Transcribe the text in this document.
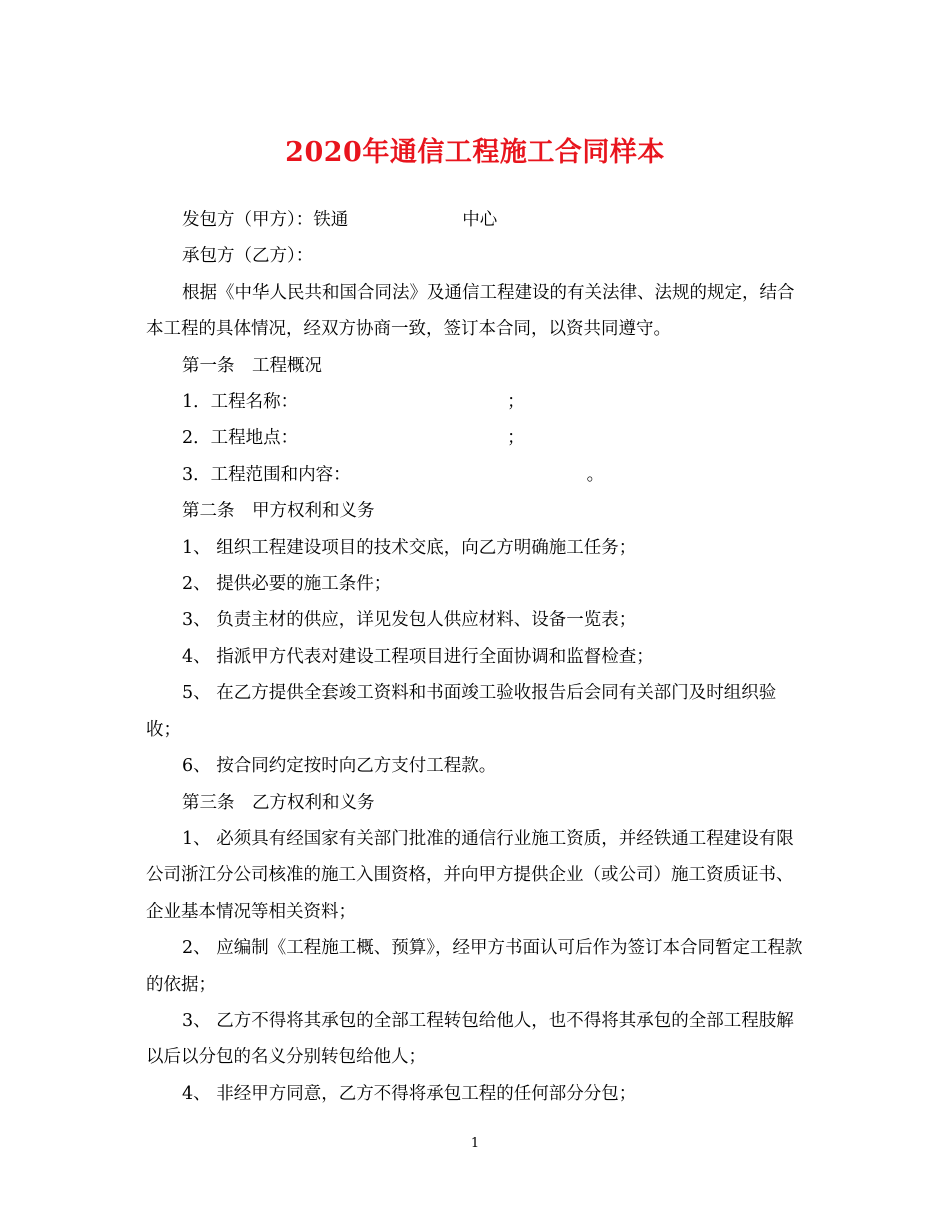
2020年通信工程施工合同样本

发包方（甲方）：铁通	中心

承包方（乙方）：

根据《中华人民共和国合同法》及通信工程建设的有关法律、法规的规定，结合本工程的具体情况，经双方协商一致，签订本合同，以资共同遵守。

第一条　工程概况

1．工程名称：	；

2．工程地点：	；

3．工程范围和内容：	。

第二条　甲方权利和义务

1、 组织工程建设项目的技术交底，向乙方明确施工任务；

2、 提供必要的施工条件；

3、 负责主材的供应，详见发包人供应材料、设备一览表；

4、 指派甲方代表对建设工程项目进行全面协调和监督检查；

5、 在乙方提供全套竣工资料和书面竣工验收报告后会同有关部门及时组织验收；

6、 按合同约定按时向乙方支付工程款。

第三条　乙方权利和义务

1、 必须具有经国家有关部门批准的通信行业施工资质，并经铁通工程建设有限公司浙江分公司核准的施工入围资格，并向甲方提供企业（或公司）施工资质证书、企业基本情况等相关资料；

2、 应编制《工程施工概、预算》，经甲方书面认可后作为签订本合同暂定工程款的依据；

3、 乙方不得将其承包的全部工程转包给他人，也不得将其承包的全部工程肢解以后以分包的名义分别转包给他人；

4、 非经甲方同意，乙方不得将承包工程的任何部分分包；

1
